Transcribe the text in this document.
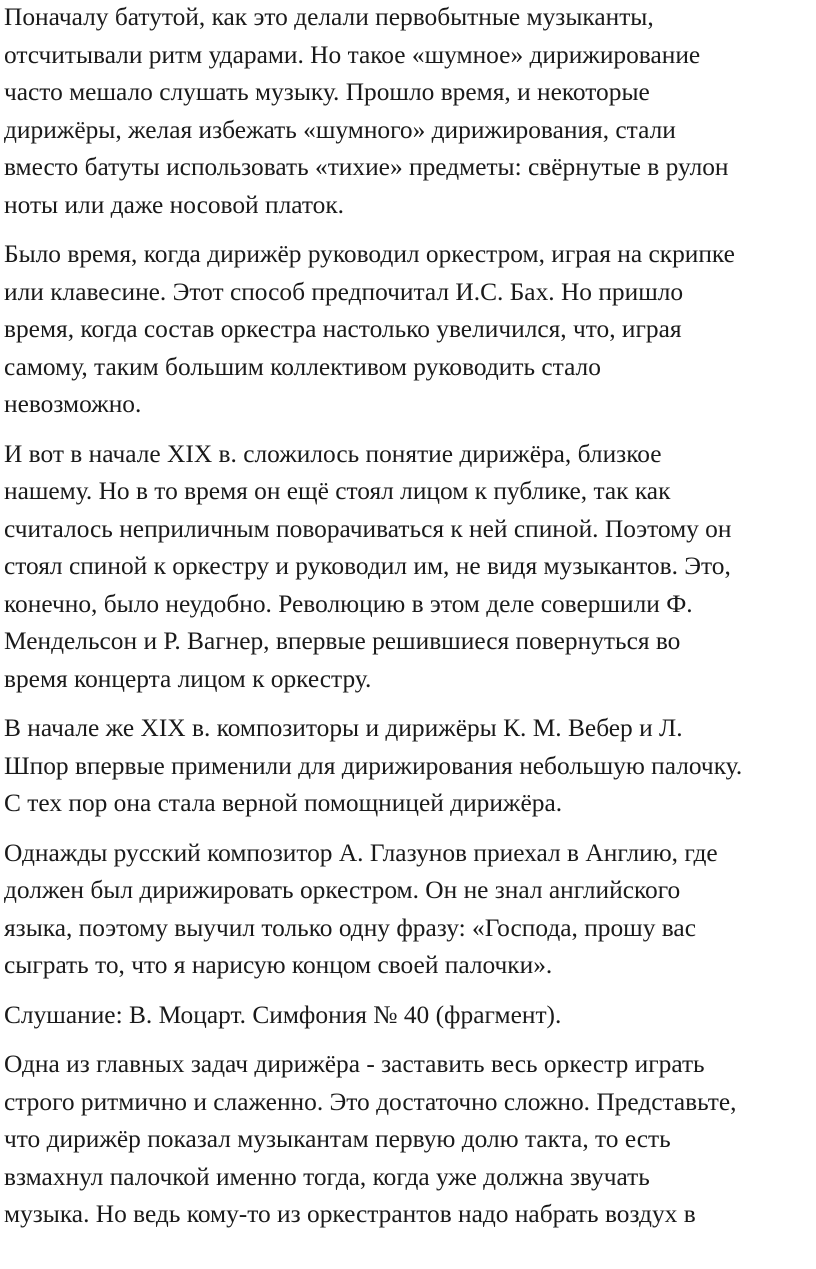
Поначалу батутой, как это делали первобытные музыканты,
отсчитывали ритм ударами. Но такое «шумное» дирижирование
часто мешало слушать музыку. Прошло время, и некоторые
дирижёры, желая избежать «шумного» дирижирования, стали
вместо батуты использовать «тихие» предметы: свёрнутые в рулон
ноты или даже носовой платок.

Было время, когда дирижёр руководил оркестром, играя на скрипке
или клавесине. Этот способ предпочитал И.С. Бах. Но пришло
время, когда состав оркестра настолько увеличился, что, играя
самому, таким большим коллективом руководить стало
невозможно.

И вот в начале XIX в. сложилось понятие дирижёра, близкое
нашему. Но в то время он ещё стоял лицом к публике, так как
считалось неприличным поворачиваться к ней спиной. Поэтому он
стоял спиной к оркестру и руководил им, не видя музыкантов. Это,
конечно, было неудобно. Революцию в этом деле совершили Ф.
Мендельсон и Р. Вагнер, впервые решившиеся повернуться во
время концерта лицом к оркестру.

В начале же XIX в. композиторы и дирижёры К. М. Вебер и Л.
Шпор впервые применили для дирижирования небольшую палочку.
С тех пор она стала верной помощницей дирижёра.

Однажды русский композитор А. Глазунов приехал в Англию, где
должен был дирижировать оркестром. Он не знал английского
языка, поэтому выучил только одну фразу: «Господа, прошу вас
сыграть то, что я нарисую концом своей палочки».

Слушание: В. Моцарт. Симфония № 40 (фрагмент).

Одна из главных задач дирижёра - заставить весь оркестр играть
строго ритмично и слаженно. Это достаточно сложно. Представьте,
что дирижёр показал музыкантам первую долю такта, то есть
взмахнул палочкой именно тогда, когда уже должна звучать
музыка. Но ведь кому-то из оркестрантов надо набрать воздух в
